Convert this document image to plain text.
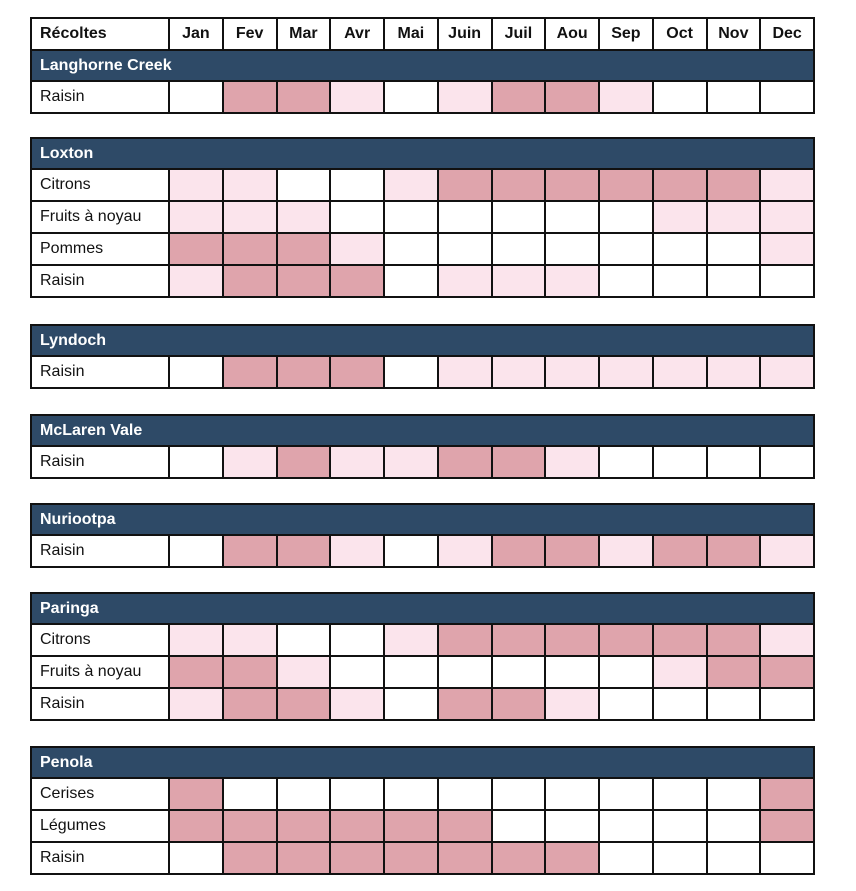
Récoltes	Jan	Fev	Mar	Avr	Mai	Juin	Juil	Aou	Sep	Oct	Nov	Dec
Langhorne Creek												
Raisin												
Loxton												
Citrons												
Fruits à noyau												
Pommes												
Raisin												
Lyndoch
Raisin												
McLaren Vale
Raisin												
Nuriootpa
Raisin												
Paringa												
Citrons												
Fruits à noyau												
Raisin												
Penola												
Cerises												
Légumes												
Raisin												
